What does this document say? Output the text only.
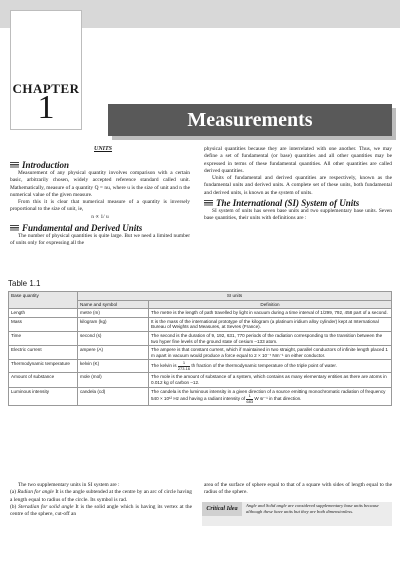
CHAPTER
1	Measurements
UNITS
Introduction

Measurement of any physical quantity involves comparison with a certain basic, arbitrarily chosen, widely accepted reference standard called unit. Mathematically, measure of a quantity Q = nu, where u is the size of unit and n the numerical value of the given measure.

From this it is clear that numerical measure of a quantity is inversely proportional to the size of unit, ie,

n ∝ 1/ u

Fundamental and Derived Units

The number of physical quantities is quite large. But we need a limited number of units only for expressing all the

physical quantities because they are interrelated with one another. Thus, we may define a set of fundamental (or base) quantities and all other quantities may be expressed in terms of these fundamental quantities. All other quantities are called derived quantities.

Units of fundamental and derived quantities are respectively, known as the fundamental units and derived units. A complete set of these units, both fundamental and derived units, is known as the system of units.

The International (SI) System of Units

SI system of units has seven base units and two supplementary base units. Seven base quantities, their units with definitions are :

Table 1.1
Base quantity	SI units	
	Name and symbol	Definition
Length	metre (m)	The metre is the length of path travelled by light in vacuum during a time interval of 1/299, 792, 458 part of a second.
Mass	kilogram (kg)	It is the mass of the international prototype of the kilogram (a platinum iridium alloy cylinder) kept at International Bureau of Weights and Measures, at Sevres (France).
Time	second (s)	The second is the duration of 9, 192, 631, 770 periods of the radiation corresponding to the transition between the two hyper fine levels of the ground state of cesium –133 atom.
Electric current	ampere (A)	The ampere is that constant current, which if maintained in two straight, parallel conductors of infinite length placed 1 m apart in vacuum would produce a force equal to 2 × 10⁻⁷ Nm⁻¹ on either conductor.
Thermodynamic temperature	kelvin (K)	The kelvin is $\frac{1}{273.16}$ th fraction of the thermodynamic temperature of the triple point of water.
Amount of substance	mole (mol)	The mole is the amount of substance of a system, which contains as many elementary entities as there are atoms in 0.012 kg of carbon –12.
Luminous intensity	candela (cd)	The candela is the luminous intensity in a given direction of a source emitting monochromatic radiation of frequency 540 × 10¹² Hz and having a radiant intensity of $\frac{1}{683}$ W sr⁻¹ in that direction.

The two supplementary units in SI system are :

(a) Radian for angle It is the angle subtended at the centre by an arc of circle having a length equal to radius of the circle. Its symbol is rad.

(b) Steradian for solid angle It is the solid angle which is having its vertex at the centre of the sphere, cut-off an

area of the surface of sphere equal to that of a square with sides of length equal to the radius of the sphere.
Critical Idea
Angle and Solid angle are considered supplementary base units because although these have units but they are both dimensionless.
